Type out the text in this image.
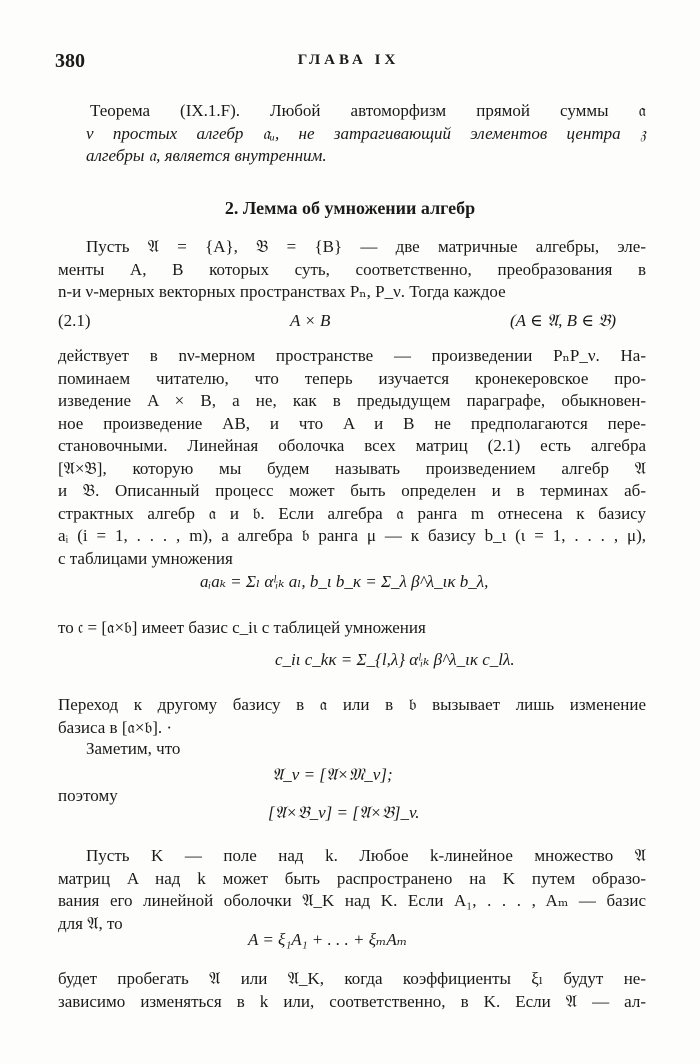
380	ГЛАВА IX
Теорема (IX.1.F). Любой автоморфизм прямой суммы 𝔞
v простых алгебр 𝔞ᵤ, не затрагивающий элементов центра 𝔷
алгебры 𝔞, является внутренним.
2. Лемма об умножении алгебр
Пусть 𝔄 = {A}, 𝔅 = {B} — две матричные алгебры, эле-
менты A, B которых суть, соответственно, преобразования в
n-и ν-мерных векторных пространствах Pₙ, P_ν. Тогда каждое
(2.1)	A × B	(A ∈ 𝔄, B ∈ 𝔅)
действует в nν-мерном пространстве — произведении PₙP_ν. На-
поминаем читателю, что теперь изучается кронекеровское про-
изведение A × B, а не, как в предыдущем параграфе, обыкновен-
ное произведение AB, и что A и B не предполагаются пере-
становочными. Линейная оболочка всех матриц (2.1) есть алгебра
[𝔄×𝔅], которую мы будем называть произведением алгебр 𝔄
и 𝔅. Описанный процесс может быть определен и в терминах аб-
страктных алгебр 𝔞 и 𝔟. Если алгебра 𝔞 ранга m отнесена к базису
aᵢ (i = 1, . . . , m), а алгебра 𝔟 ранга μ — к базису b_ι (ι = 1, . . . , μ),
с таблицами умножения
aᵢaₖ = Σₗ αˡᵢₖ aₗ, b_ι b_κ = Σ_λ β^λ_ικ b_λ,
то 𝔠 = [𝔞×𝔟] имеет базис c_iι с таблицей умножения
c_iι c_kκ = Σ_{l,λ} αˡᵢₖ β^λ_ικ c_lλ.
Переход к другому базису в 𝔞 или в 𝔟 вызывает лишь изменение
базиса в [𝔞×𝔟]. ·
Заметим, что
𝔄_v = [𝔄×𝔐_v];
поэтому
[𝔄×𝔅_v] = [𝔄×𝔅]_v.
Пусть K — поле над k. Любое k-линейное множество 𝔄
матриц A над k может быть распространено на K путем образо-
вания его линейной оболочки 𝔄_K над K. Если A₁, . . . , Aₘ — базис
для 𝔄, то
A = ξ₁A₁ + . . . + ξₘAₘ
будет пробегать 𝔄 или 𝔄_K, когда коэффициенты ξₗ будут не-
зависимо изменяться в k или, соответственно, в K. Если 𝔄 — ал-
